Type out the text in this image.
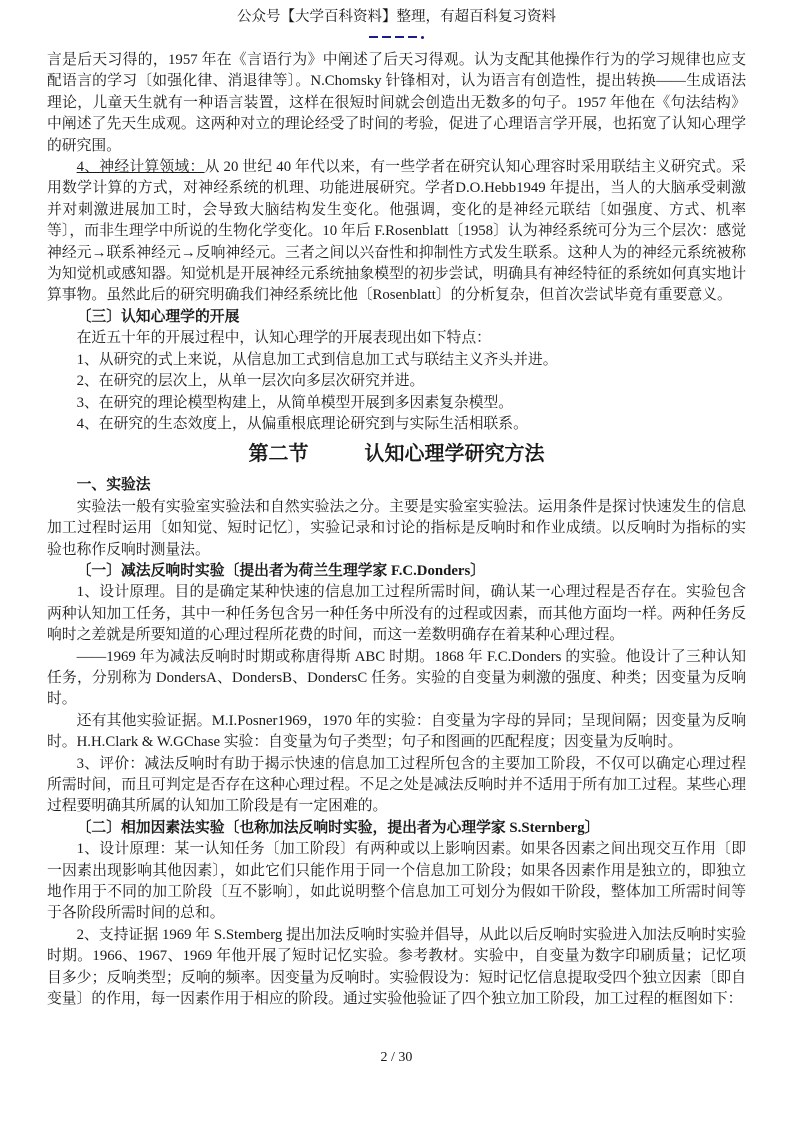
公众号【大学百科资料】整理，有超百科复习资料

言是后天习得的，1957 年在《言语行为》中阐述了后天习得观。认为支配其他操作行为的学习规律也应支配语言的学习〔如强化律、消退律等〕。N.Chomsky 针锋相对，认为语言有创造性，提出转换——生成语法理论，儿童天生就有一种语言装置，这样在很短时间就会创造出无数多的句子。1957 年他在《句法结构》中阐述了先天生成观。这两种对立的理论经受了时间的考验，促进了心理语言学开展，也拓宽了认知心理学的研究围。

4、神经计算领域：从 20 世纪 40 年代以来，有一些学者在研究认知心理容时采用联结主义研究式。采用数学计算的方式，对神经系统的机理、功能进展研究。学者D.O.Hebb1949 年提出，当人的大脑承受刺激并对刺激进展加工时，会导致大脑结构发生变化。他强调，变化的是神经元联结〔如强度、方式、机率等〕，而非生理学中所说的生物化学变化。10 年后 F.Rosenblatt〔1958〕认为神经系统可分为三个层次：感觉神经元→联系神经元→反响神经元。三者之间以兴奋性和抑制性方式发生联系。这种人为的神经元系统被称为知觉机或感知器。知觉机是开展神经元系统抽象模型的初步尝试，明确具有神经特征的系统如何真实地计算事物。虽然此后的研究明确我们神经系统比他〔Rosenblatt〕的分析复杂，但首次尝试毕竟有重要意义。

〔三〕认知心理学的开展

在近五十年的开展过程中，认知心理学的开展表现出如下特点：

1、从研究的式上来说，从信息加工式到信息加工式与联结主义齐头并进。

2、在研究的层次上，从单一层次向多层次研究并进。

3、在研究的理论模型构建上，从简单模型开展到多因素复杂模型。

4、在研究的生态效度上，从偏重根底理论研究到与实际生活相联系。

第二节	认知心理学研究方法

一、实验法

实验法一般有实验室实验法和自然实验法之分。主要是实验室实验法。运用条件是探讨快速发生的信息加工过程时运用〔如知觉、短时记忆〕，实验记录和讨论的指标是反响时和作业成绩。以反响时为指标的实验也称作反响时测量法。

〔一〕减法反响时实验〔提出者为荷兰生理学家 F.C.Donders〕

1、设计原理。目的是确定某种快速的信息加工过程所需时间，确认某一心理过程是否存在。实验包含两种认知加工任务，其中一种任务包含另一种任务中所没有的过程或因素，而其他方面均一样。两种任务反响时之差就是所要知道的心理过程所花费的时间，而这一差数明确存在着某种心理过程。

——1969 年为减法反响时时期或称唐得斯 ABC 时期。1868 年 F.C.Donders 的实验。他设计了三种认知任务，分别称为 DondersA、DondersB、DondersC 任务。实验的自变量为刺激的强度、种类；因变量为反响时。

还有其他实验证据。M.I.Posner1969，1970 年的实验：自变量为字母的异同；呈现间隔；因变量为反响时。H.H.Clark & W.GChase 实验：自变量为句子类型；句子和图画的匹配程度；因变量为反响时。

3、评价：减法反响时有助于揭示快速的信息加工过程所包含的主要加工阶段，不仅可以确定心理过程所需时间，而且可判定是否存在这种心理过程。不足之处是减法反响时并不适用于所有加工过程。某些心理过程要明确其所属的认知加工阶段是有一定困难的。

〔二〕相加因素法实验〔也称加法反响时实验，提出者为心理学家 S.Sternberg〕

1、设计原理：某一认知任务〔加工阶段〕有两种或以上影响因素。如果各因素之间出现交互作用〔即一因素出现影响其他因素〕，如此它们只能作用于同一个信息加工阶段；如果各因素作用是独立的，即独立地作用于不同的加工阶段〔互不影响〕，如此说明整个信息加工可划分为假如干阶段，整体加工所需时间等于各阶段所需时间的总和。

2、支持证据 1969 年 S.Stemberg 提出加法反响时实验并倡导，从此以后反响时实验进入加法反响时实验时期。1966、1967、1969 年他开展了短时记忆实验。参考教材。实验中，自变量为数字印刷质量；记忆项目多少；反响类型；反响的频率。因变量为反响时。实验假设为：短时记忆信息提取受四个独立因素〔即自变量〕的作用，每一因素作用于相应的阶段。通过实验他验证了四个独立加工阶段，加工过程的框图如下：

2 / 30
